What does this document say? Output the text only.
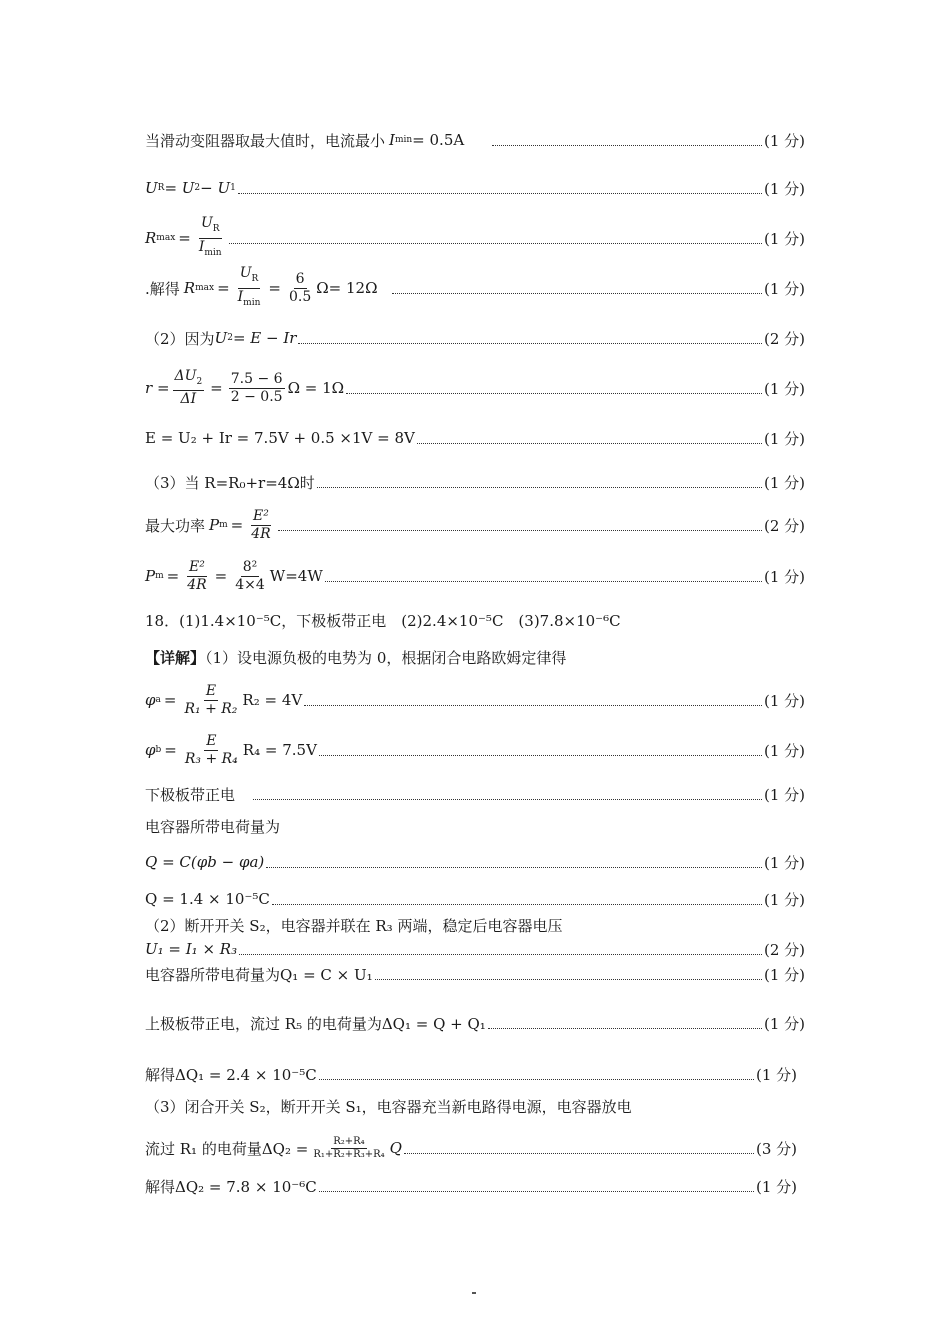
当滑动变阻器取最大值时，电流最小 I min = 0.5A	(1 分)
U R = U 2 − U 1	(1 分)
R $\max = \frac{U_R}{I_{min}}$	(1 分)
.解得 R $\max = \frac{U_R}{I_{min}} = \frac{6}{0.5} \Omega= 12\Omega$	(1 分)
（2）因为 U 2 = E − Ir	(2 分)
$r = \frac{\Delta U_2}{\Delta I} = \frac{7.5 - 6}{2 - 0.5}$ Ω = 1Ω	(1 分)
E = U₂ + Ir = 7.5V + 0.5 ×1V = 8V	(1 分)
（3）当 R=R₀+r=4Ω时	(1 分)
最大功率 P $m = \frac{\text{E²}}{4R}$	(2 分)
P $m = \frac{\text{E²}}{4R} = \frac{\text{8²}}{4\times 4} W=4W$	(1 分)
18．(1)1.4×10⁻⁵C，下极板带正电　(2)2.4×10⁻⁵C　(3)7.8×10⁻⁶C
【详解】（1）设电源负极的电势为 0，根据闭合电路欧姆定律得
φ $a = \frac{E}{\text{R₁ + R₂}} R_2 = 4V$	(1 分)
φ $b = \frac{E}{\text{R₃ + R₄}} R_4 = 7.5V$	(1 分)
下极板带正电	(1 分)
电容器所带电荷量为
Q = C(φb − φa)	(1 分)
Q = 1.4 × 10⁻⁵C	(1 分)
（2）断开开关 S₂，电容器并联在 R₃ 两端，稳定后电容器电压
U₁ = I₁ × R₃	(2 分)
电容器所带电荷量为Q₁ = C × U₁	(1 分)
上极板带正电，流过 R₅ 的电荷量为ΔQ₁ = Q + Q₁	(1 分)
解得ΔQ₁ = 2.4 × 10⁻⁵C	(1 分)
（3）闭合开关 S₂，断开开关 S₁，电容器充当新电路得电源，电容器放电
流过 R₁ 的电荷量$\Delta Q_2 = \frac{\text{R₂+R₄}}{\text{R₁+R₂+R₃+R₄}}$ Q	(3 分)
解得ΔQ₂ = 7.8 × 10⁻⁶C	(1 分)
